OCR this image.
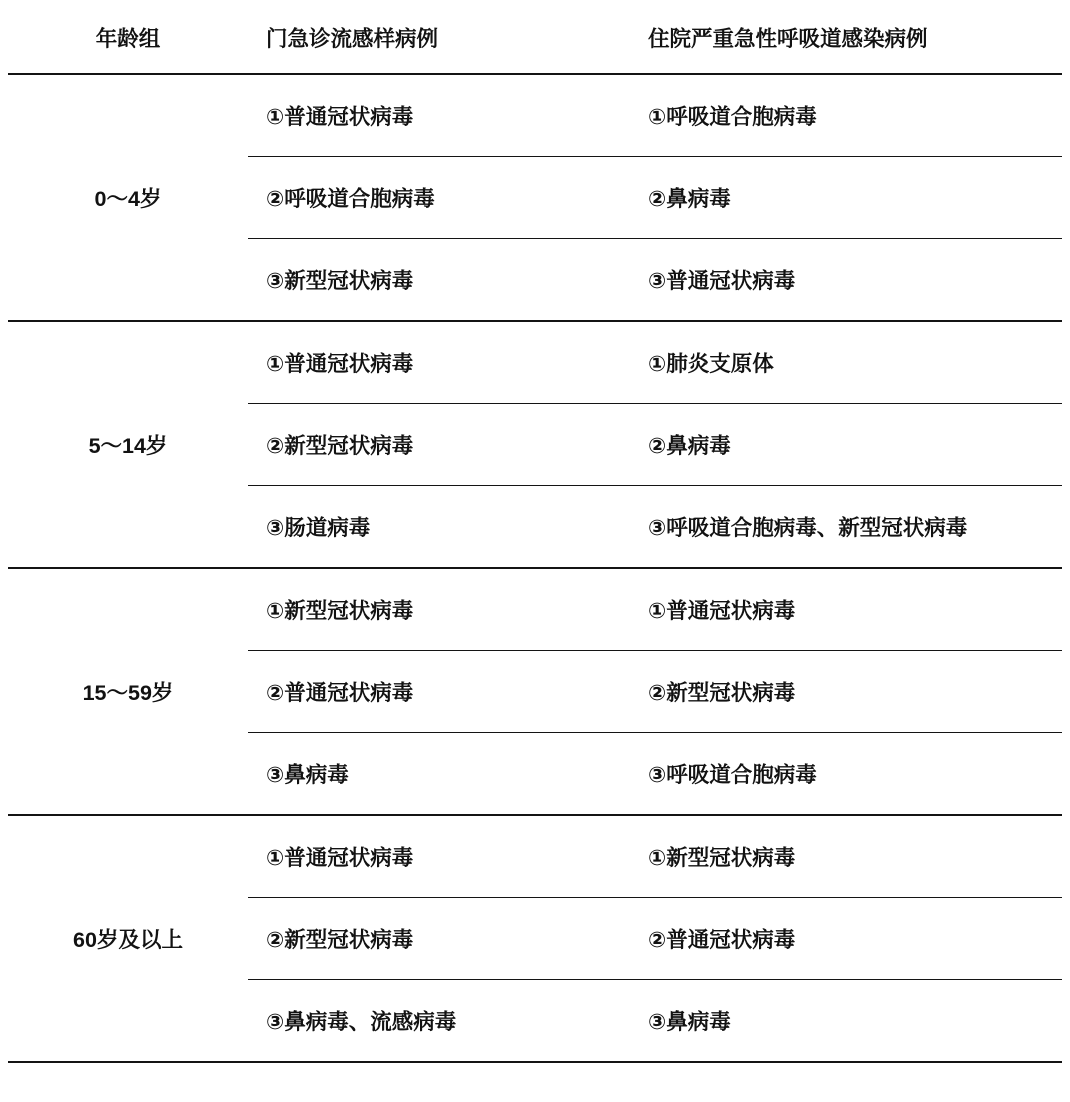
年龄组	门急诊流感样病例	住院严重急性呼吸道感染病例

0～4岁	①普通冠状病毒	①呼吸道合胞病毒
	②呼吸道合胞病毒	②鼻病毒
	③新型冠状病毒	③普通冠状病毒

5～14岁	①普通冠状病毒	①肺炎支原体
	②新型冠状病毒	②鼻病毒
	③肠道病毒	③呼吸道合胞病毒、新型冠状病毒

15～59岁	①新型冠状病毒	①普通冠状病毒
	②普通冠状病毒	②新型冠状病毒
	③鼻病毒	③呼吸道合胞病毒

60岁及以上	①普通冠状病毒	①新型冠状病毒
	②新型冠状病毒	②普通冠状病毒
	③鼻病毒、流感病毒	③鼻病毒
